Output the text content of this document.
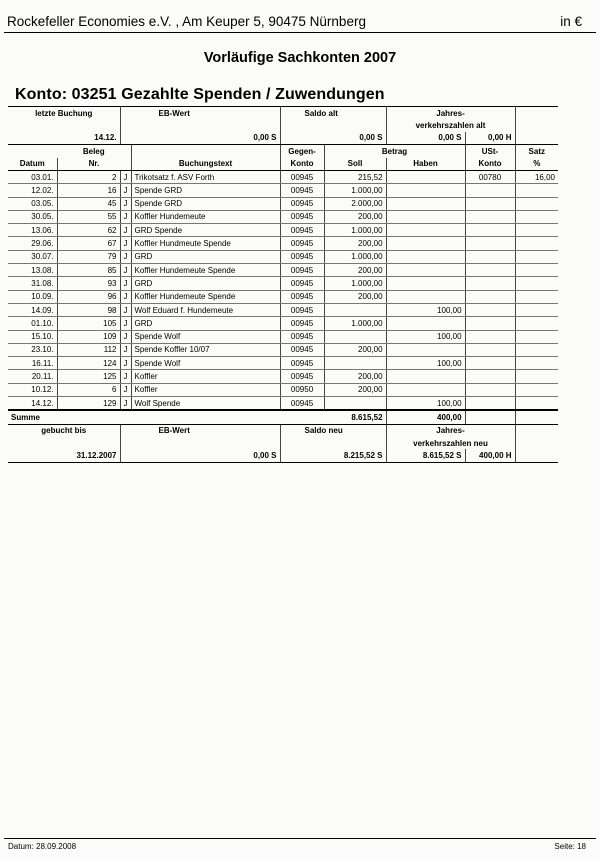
Rockefeller Economies e.V. , Am Keuper 5, 90475 Nürnberg	in €
Vorläufige Sachkonten 2007
Konto: 03251 Gezahlte Spenden / Zuwendungen
letzte Buchung		EB-Wert		Saldo alt		Jahres-		
						verkehrszahlen alt		
14.12.		0,00 S		0,00 S		0,00 S	0,00 H	
	Beleg			Gegen-	Betrag		USt-	Satz
Datum	Nr.		Buchungstext	Konto	Soll	Haben	Konto	%
03.01.	2	J	Trikotsatz f. ASV Forth	00945	215,52		00780	16,00
12.02.	16	J	Spende GRD	00945	1.000,00			
03.05.	45	J	Spende GRD	00945	2.000,00			
30.05.	55	J	Koffler Hundemeute	00945	200,00			
13.06.	62	J	GRD Spende	00945	1.000,00			
29.06.	67	J	Koffler Hundmeute Spende	00945	200,00			
30.07.	79	J	GRD	00945	1.000,00			
13.08.	85	J	Koffler Hundemeute Spende	00945	200,00			
31.08.	93	J	GRD	00945	1.000,00			
10.09.	96	J	Koffler Hundemeute Spende	00945	200,00			
14.09.	98	J	Wolf Eduard f. Hundemeute	00945		100,00		
01.10.	105	J	GRD	00945	1.000,00			
15.10.	109	J	Spende Wolf	00945		100,00		
23.10.	112	J	Spende Koffler 10/07	00945	200,00			
16.11.	124	J	Spende Wolf	00945		100,00		
20.11.	125	J	Koffler	00945	200,00			
10.12.	6	J	Koffler	00950	200,00			
14.12.	129	J	Wolf Spende	00945		100,00		
Summe					8.615,52	400,00		
gebucht bis		EB-Wert		Saldo neu		Jahres-		
						verkehrszahlen neu		
31.12.2007		0,00 S		8.215,52 S		8.615,52 S	400,00 H	
Datum: 28.09.2008	Seite: 18
